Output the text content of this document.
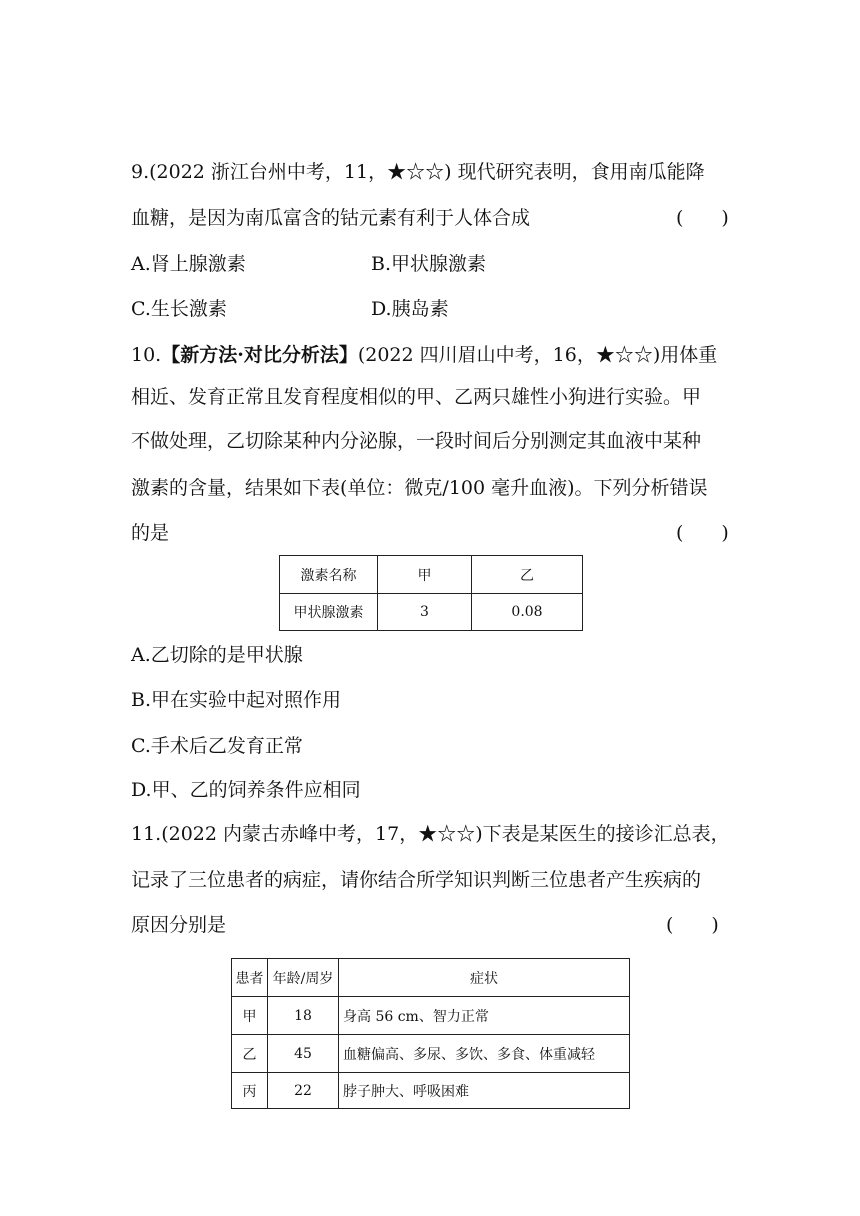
9.(2022 浙江台州中考，11，★☆☆) 现代研究表明，食用南瓜能降
血糖，是因为南瓜富含的钴元素有利于人体合成	(　　)
A.肾上腺激素	B.甲状腺激素
C.生长激素	D.胰岛素
10.【新方法·对比分析法】(2022 四川眉山中考，16，★☆☆)用体重
相近、发育正常且发育程度相似的甲、乙两只雄性小狗进行实验。甲
不做处理，乙切除某种内分泌腺，一段时间后分别测定其血液中某种
激素的含量，结果如下表(单位：微克/100 毫升血液)。下列分析错误
的是	(　　)
激素名称	甲	乙
甲状腺激素	3	0.08
A.乙切除的是甲状腺
B.甲在实验中起对照作用
C.手术后乙发育正常
D.甲、乙的饲养条件应相同
11.(2022 内蒙古赤峰中考，17，★☆☆)下表是某医生的接诊汇总表，
记录了三位患者的病症，请你结合所学知识判断三位患者产生疾病的
原因分别是	(　　)
患者	年龄/周岁	症状
甲	18	身高 56 cm、智力正常
乙	45	血糖偏高、多尿、多饮、多食、体重减轻
丙	22	脖子肿大、呼吸困难
